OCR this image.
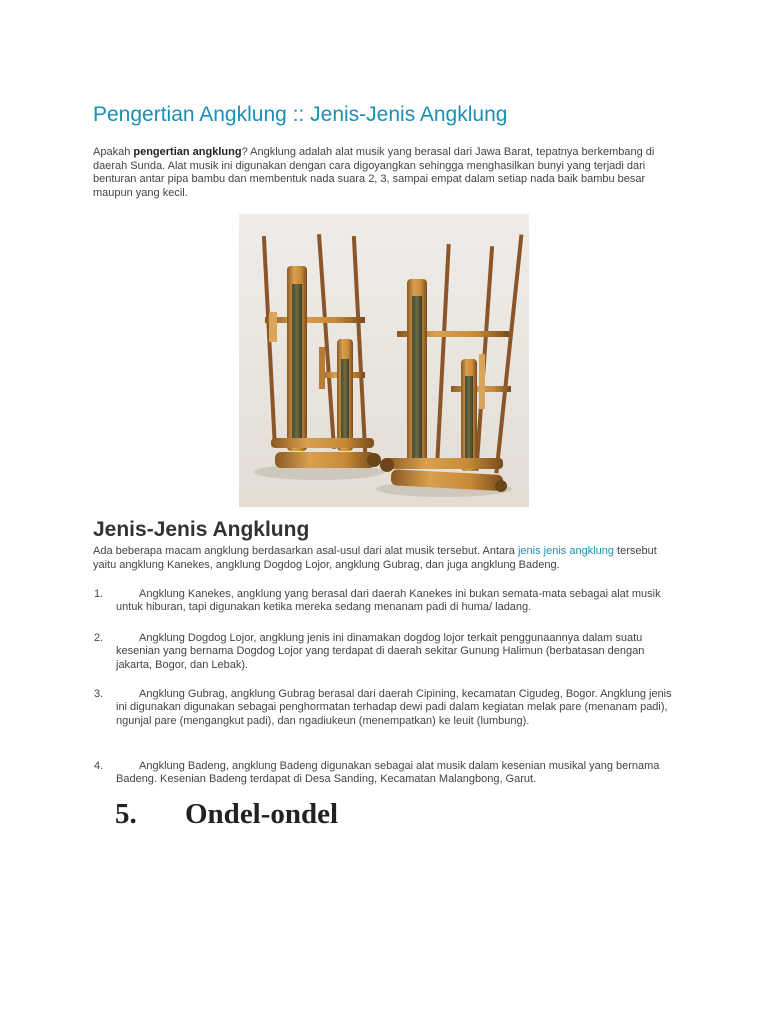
Pengertian Angklung :: Jenis-Jenis Angklung

Apakah pengertian angklung? Angklung adalah alat musik yang berasal dari Jawa Barat, tepatnya berkembang di daerah Sunda. Alat musik ini digunakan dengan cara digoyangkan sehingga menghasilkan bunyi yang terjadi dari benturan antar pipa bambu dan membentuk nada suara 2, 3, sampai empat dalam setiap nada baik bambu besar maupun yang kecil.

Jenis-Jenis Angklung

Ada beberapa macam angklung berdasarkan asal-usul dari alat musik tersebut. Antara jenis jenis angklung tersebut yaitu angklung Kanekes, angklung Dogdog Lojor, angklung Gubrag, dan juga angklung Badeng.

1.	Angklung Kanekes, angklung yang berasal dari daerah Kanekes ini bukan semata-mata sebagai alat musik untuk hiburan, tapi digunakan ketika mereka sedang menanam padi di huma/ ladang.
2.	Angklung Dogdog Lojor, angklung jenis ini dinamakan dogdog lojor terkait penggunaannya dalam suatu kesenian yang bernama Dogdog Lojor yang terdapat di daerah sekitar Gunung Halimun (berbatasan dengan jakarta, Bogor, dan Lebak).
3.	Angklung Gubrag, angklung Gubrag berasal dari daerah Cipining, kecamatan Cigudeg, Bogor. Angklung jenis ini digunakan digunakan sebagai penghormatan terhadap dewi padi dalam kegiatan melak pare (menanam padi), ngunjal pare (mengangkut padi), dan ngadiukeun (menempatkan) ke leuit (lumbung).
4.	Angklung Badeng, angklung Badeng digunakan sebagai alat musik dalam kesenian musikal yang bernama Badeng. Kesenian Badeng terdapat di Desa Sanding, Kecamatan Malangbong, Garut.
5. Ondel-ondel
